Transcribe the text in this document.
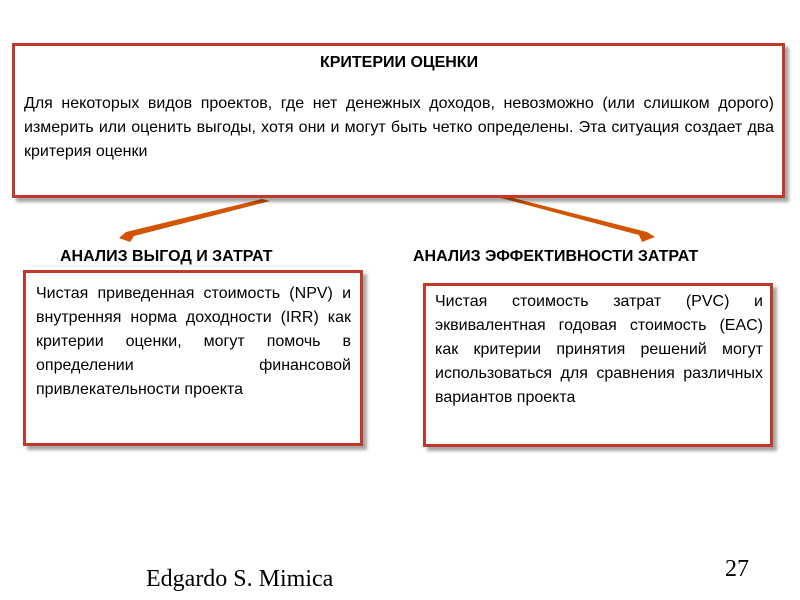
КРИТЕРИИ ОЦЕНКИ
Для некоторых видов проектов, где нет денежных доходов, невозможно (или слишком дорого) измерить или оценить выгоды, хотя они и могут быть четко определены. Эта ситуация создает два критерия оценки
АНАЛИЗ ВЫГОД И ЗАТРАТ	АНАЛИЗ ЭФФЕКТИВНОСТИ ЗАТРАТ
Чистая приведенная стоимость (NPV) и внутренняя норма доходности (IRR) как критерии оценки, могут помочь в определении финансовой привлекательности проекта
Чистая стоимость затрат (PVC) и эквивалентная годовая стоимость (EAC) как критерии принятия решений могут использоваться для сравнения различных вариантов проекта
Edgardo S. Mimica	27
